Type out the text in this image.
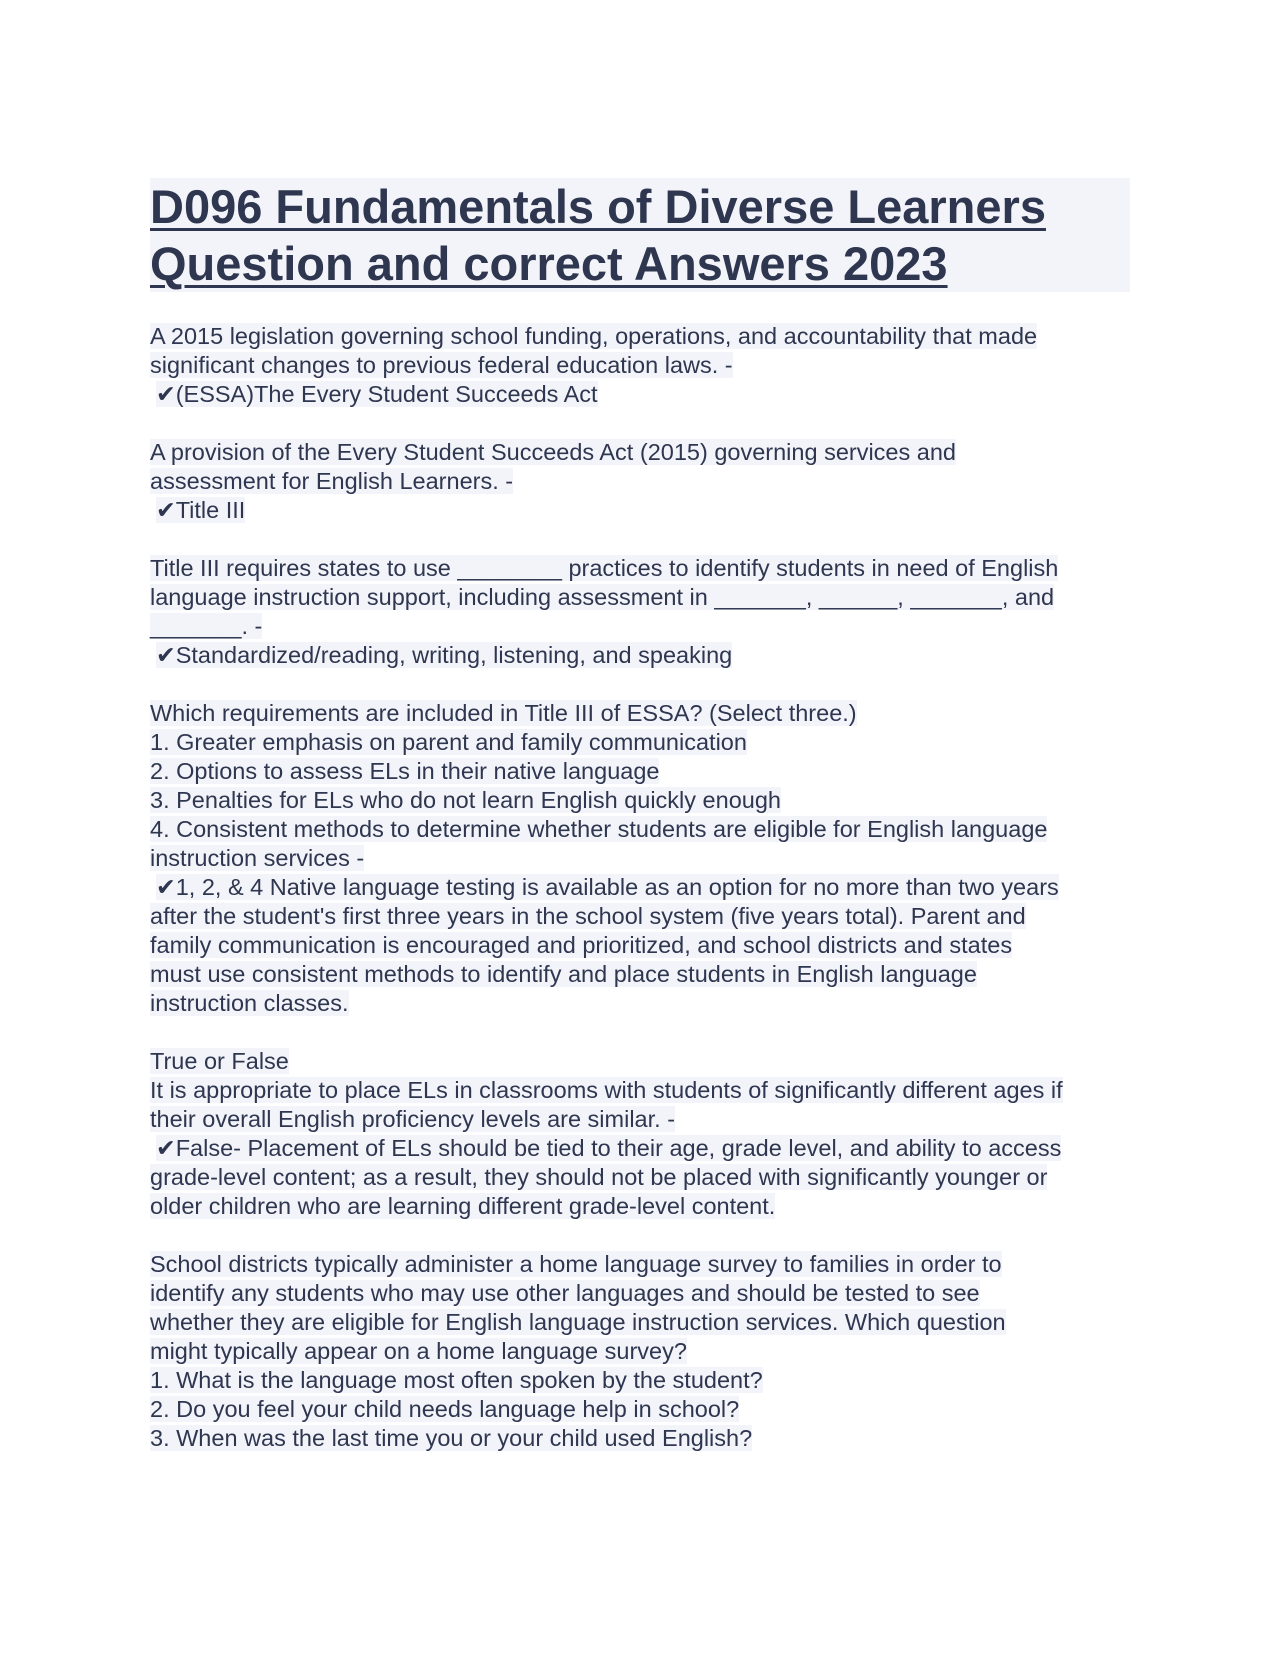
D096 Fundamentals of Diverse Learners
Question and correct Answers 2023
A 2015 legislation governing school funding, operations, and accountability that made
significant changes to previous federal education laws. -
✔(ESSA)The Every Student Succeeds Act
A provision of the Every Student Succeeds Act (2015) governing services and
assessment for English Learners. -
✔Title III
Title III requires states to use ________ practices to identify students in need of English
language instruction support, including assessment in _______, ______, _______, and
_______. -
✔Standardized/reading, writing, listening, and speaking
Which requirements are included in Title III of ESSA? (Select three.)
1. Greater emphasis on parent and family communication
2. Options to assess ELs in their native language
3. Penalties for ELs who do not learn English quickly enough
4. Consistent methods to determine whether students are eligible for English language
instruction services -
✔1, 2, & 4 Native language testing is available as an option for no more than two years
after the student's first three years in the school system (five years total). Parent and
family communication is encouraged and prioritized, and school districts and states
must use consistent methods to identify and place students in English language
instruction classes.
True or False
It is appropriate to place ELs in classrooms with students of significantly different ages if
their overall English proficiency levels are similar. -
✔False- Placement of ELs should be tied to their age, grade level, and ability to access
grade-level content; as a result, they should not be placed with significantly younger or
older children who are learning different grade-level content.
School districts typically administer a home language survey to families in order to
identify any students who may use other languages and should be tested to see
whether they are eligible for English language instruction services. Which question
might typically appear on a home language survey?
1. What is the language most often spoken by the student?
2. Do you feel your child needs language help in school?
3. When was the last time you or your child used English?
